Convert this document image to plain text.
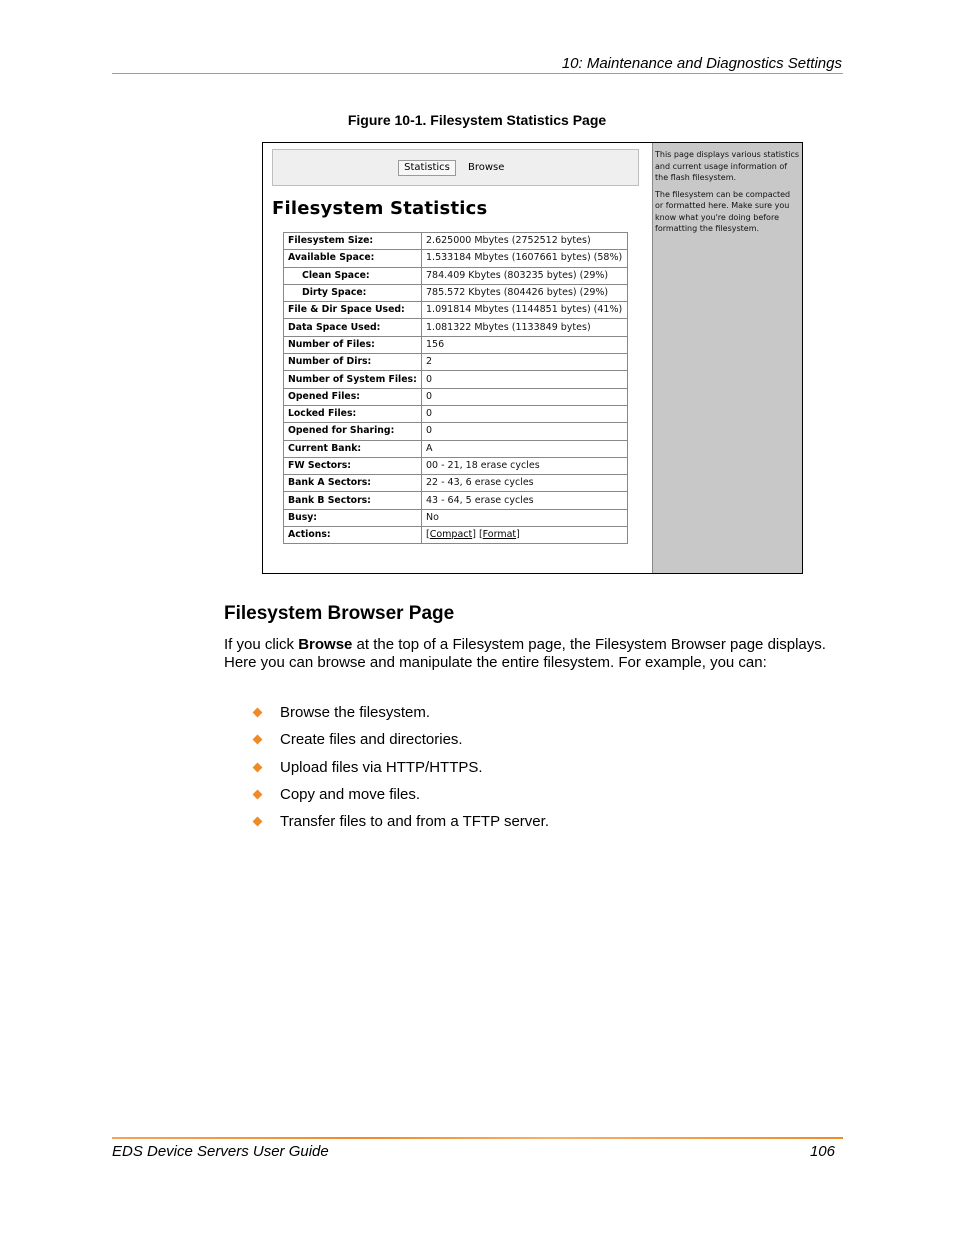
10: Maintenance and Diagnostics Settings
Figure 10-1. Filesystem Statistics Page
Statistics	Browse
Filesystem Statistics
Filesystem Size:	2.625000 Mbytes (2752512 bytes)
Available Space:	1.533184 Mbytes (1607661 bytes) (58%)
Clean Space:	784.409 Kbytes (803235 bytes) (29%)
Dirty Space:	785.572 Kbytes (804426 bytes) (29%)
File & Dir Space Used:	1.091814 Mbytes (1144851 bytes) (41%)
Data Space Used:	1.081322 Mbytes (1133849 bytes)
Number of Files:	156
Number of Dirs:	2
Number of System Files:	0
Opened Files:	0
Locked Files:	0
Opened for Sharing:	0
Current Bank:	A
FW Sectors:	00 - 21, 18 erase cycles
Bank A Sectors:	22 - 43, 6 erase cycles
Bank B Sectors:	43 - 64, 5 erase cycles
Busy:	No
Actions:	[Compact] [Format]

This page displays various statistics and current usage information of the flash filesystem.

The filesystem can be compacted or formatted here. Make sure you know what you're doing before formatting the filesystem.

Filesystem Browser Page
If you click Browse at the top of a Filesystem page, the Filesystem Browser page displays. Here you can browse and manipulate the entire filesystem. For example, you can:
Browse the filesystem.
Create files and directories.
Upload files via HTTP/HTTPS.
Copy and move files.
Transfer files to and from a TFTP server.
EDS Device Servers User Guide	106
